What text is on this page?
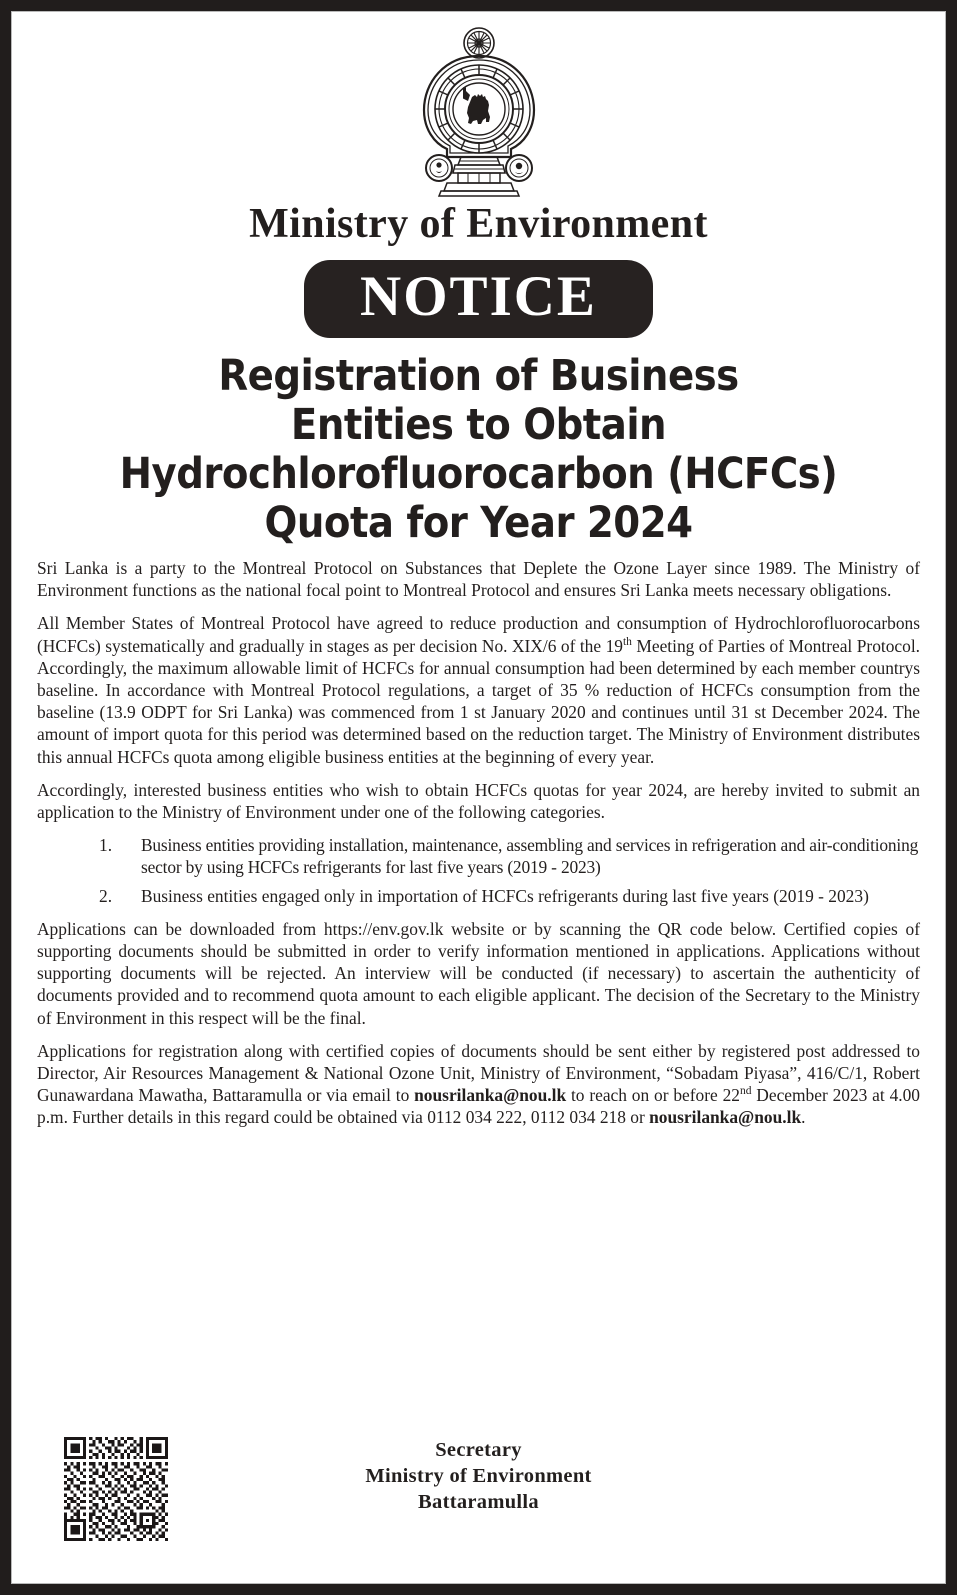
Ministry of Environment
NOTICE
Registration of Business
Entities to Obtain
Hydrochlorofluorocarbon (HCFCs)
Quota for Year 2024

Sri Lanka is a party to the Montreal Protocol on Substances that Deplete the Ozone Layer since 1989. The Ministry of Environment functions as the national focal point to Montreal Protocol and ensures Sri Lanka meets necessary obligations.

All Member States of Montreal Protocol have agreed to reduce production and consumption of Hydrochlorofluorocarbons (HCFCs) systematically and gradually in stages as per decision No. XIX/6 of the 19th Meeting of Parties of Montreal Protocol. Accordingly, the maximum allowable limit of HCFCs for annual consumption had been determined by each member countrys baseline. In accordance with Montreal Protocol regulations, a target of 35 % reduction of HCFCs consumption from the baseline (13.9 ODPT for Sri Lanka) was commenced from 1 st January 2020 and continues until 31 st December 2024. The amount of import quota for this period was determined based on the reduction target. The Ministry of Environment distributes this annual HCFCs quota among eligible business entities at the beginning of every year.

Accordingly, interested business entities who wish to obtain HCFCs quotas for year 2024, are hereby invited to submit an application to the Ministry of Environment under one of the following categories.

1.	Business entities providing installation, maintenance, assembling and services in refrigeration and air-conditioning sector by using HCFCs refrigerants for last five years (2019 - 2023)
2.	Business entities engaged only in importation of HCFCs refrigerants during last five years (2019 - 2023)

Applications can be downloaded from https://env.gov.lk website or by scanning the QR code below. Certified copies of supporting documents should be submitted in order to verify information mentioned in applications. Applications without supporting documents will be rejected. An interview will be conducted (if necessary) to ascertain the authenticity of documents provided and to recommend quota amount to each eligible applicant. The decision of the Secretary to the Ministry of Environment in this respect will be the final.

Applications for registration along with certified copies of documents should be sent either by registered post addressed to Director, Air Resources Management & National Ozone Unit, Ministry of Environment, “Sobadam Piyasa”, 416/C/1, Robert Gunawardana Mawatha, Battaramulla or via email to nousrilanka@nou.lk to reach on or before 22nd December 2023 at 4.00 p.m. Further details in this regard could be obtained via 0112 034 222, 0112 034 218 or nousrilanka@nou.lk.

Secretary
Ministry of Environment
Battaramulla
